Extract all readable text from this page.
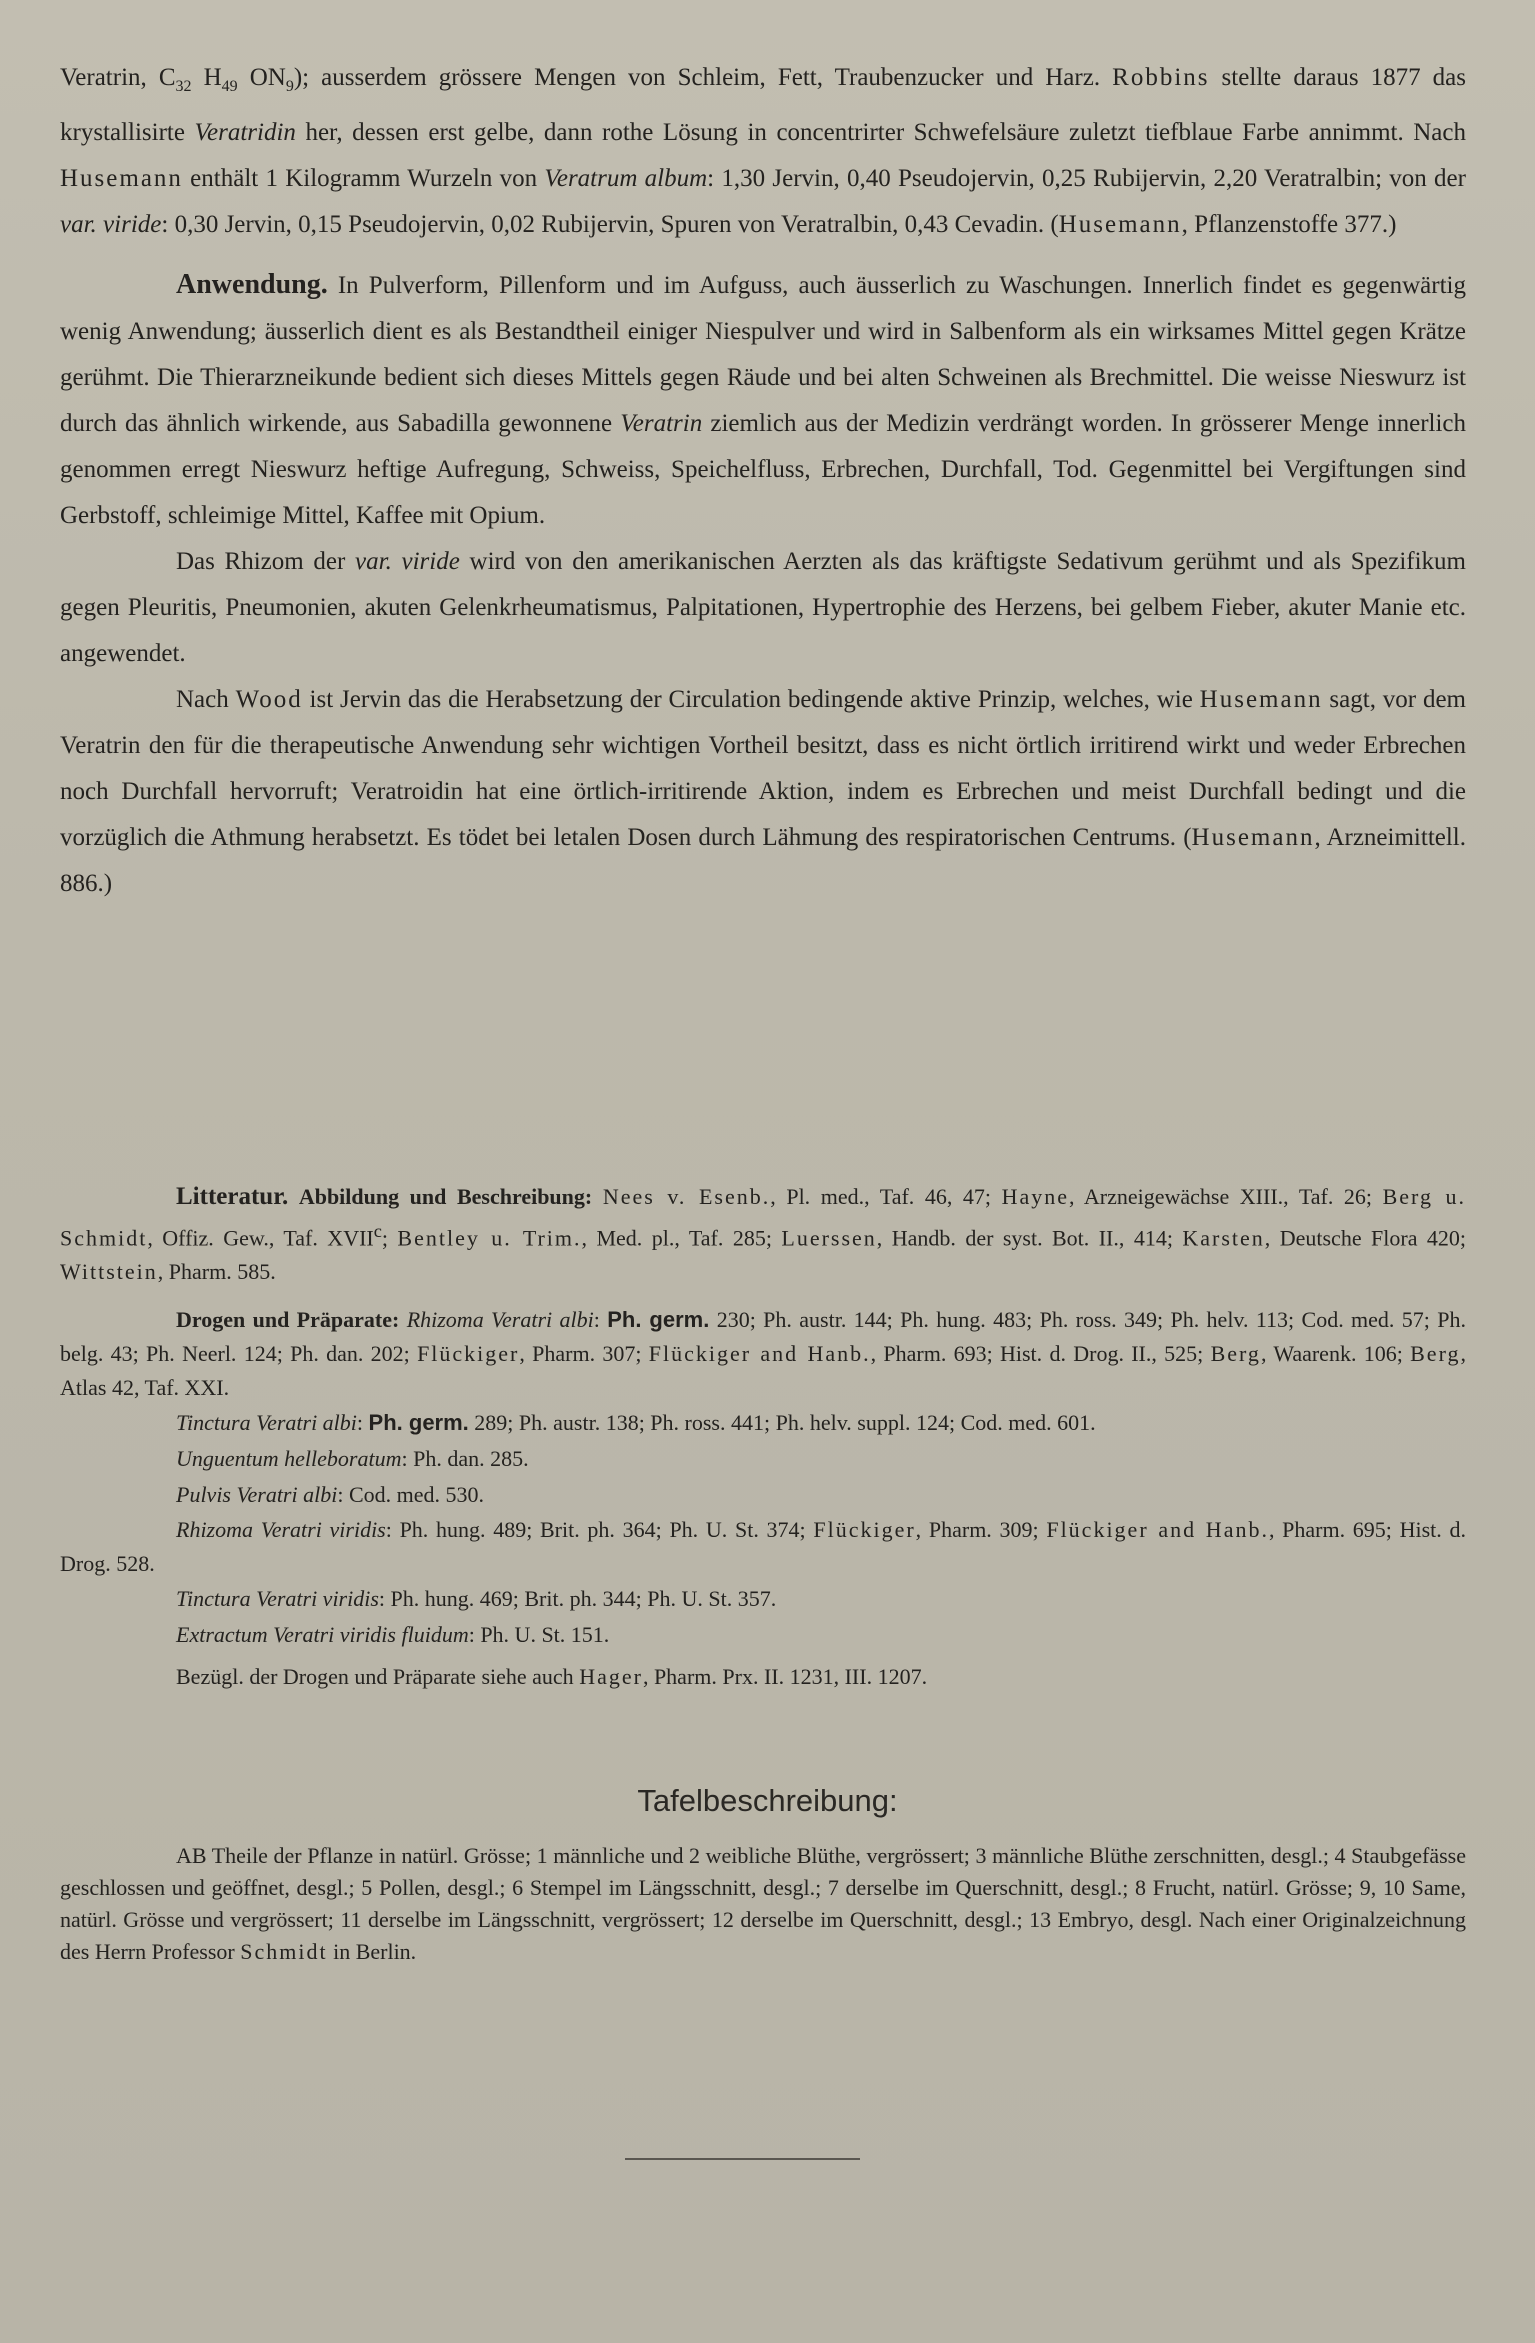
Veratrin, $C_{32}$ $H_{49}$ $ON_9$); ausserdem grössere Mengen von Schleim, Fett, Traubenzucker und Harz. Robbins stellte daraus 1877 das krystallisirte Veratridin her, dessen erst gelbe, dann rothe Lösung in concentrirter Schwefelsäure zuletzt tiefblaue Farbe annimmt. Nach Husemann enthält 1 Kilogramm Wurzeln von Veratrum album: 1,30 Jervin, 0,40 Pseudojervin, 0,25 Rubijervin, 2,20 Veratralbin; von der var. viride: 0,30 Jervin, 0,15 Pseudojervin, 0,02 Rubijervin, Spuren von Veratralbin, 0,43 Cevadin. (Husemann, Pflanzenstoffe 377.)

Anwendung. In Pulverform, Pillenform und im Aufguss, auch äusserlich zu Waschungen. Innerlich findet es gegenwärtig wenig Anwendung; äusserlich dient es als Bestandtheil einiger Niespulver und wird in Salbenform als ein wirksames Mittel gegen Krätze gerühmt. Die Thierarzneikunde bedient sich dieses Mittels gegen Räude und bei alten Schweinen als Brechmittel. Die weisse Nieswurz ist durch das ähnlich wirkende, aus Sabadilla gewonnene Veratrin ziemlich aus der Medizin verdrängt worden. In grösserer Menge innerlich genommen erregt Nieswurz heftige Aufregung, Schweiss, Speichelfluss, Erbrechen, Durchfall, Tod. Gegenmittel bei Vergiftungen sind Gerbstoff, schleimige Mittel, Kaffee mit Opium.

Das Rhizom der var. viride wird von den amerikanischen Aerzten als das kräftigste Sedativum gerühmt und als Spezifikum gegen Pleuritis, Pneumonien, akuten Gelenkrheumatismus, Palpitationen, Hypertrophie des Herzens, bei gelbem Fieber, akuter Manie etc. angewendet.

Nach Wood ist Jervin das die Herabsetzung der Circulation bedingende aktive Prinzip, welches, wie Husemann sagt, vor dem Veratrin den für die therapeutische Anwendung sehr wichtigen Vortheil besitzt, dass es nicht örtlich irritirend wirkt und weder Erbrechen noch Durchfall hervorruft; Veratroidin hat eine örtlich-irritirende Aktion, indem es Erbrechen und meist Durchfall bedingt und die vorzüglich die Athmung herabsetzt. Es tödet bei letalen Dosen durch Lähmung des respiratorischen Centrums. (Husemann, Arzneimittell. 886.)

Litteratur. Abbildung und Beschreibung: Nees v. Esenb., Pl. med., Taf. 46, 47; Hayne, Arzneigewächse XIII., Taf. 26; Berg u. Schmidt, Offiz. Gew., Taf. XVII$^c$; Bentley u. Trim., Med. pl., Taf. 285; Luerssen, Handb. der syst. Bot. II., 414; Karsten, Deutsche Flora 420; Wittstein, Pharm. 585.

Drogen und Präparate: Rhizoma Veratri albi: Ph. germ. 230; Ph. austr. 144; Ph. hung. 483; Ph. ross. 349; Ph. helv. 113; Cod. med. 57; Ph. belg. 43; Ph. Neerl. 124; Ph. dan. 202; Flückiger, Pharm. 307; Flückiger and Hanb., Pharm. 693; Hist. d. Drog. II., 525; Berg, Waarenk. 106; Berg, Atlas 42, Taf. XXI.

Tinctura Veratri albi: Ph. germ. 289; Ph. austr. 138; Ph. ross. 441; Ph. helv. suppl. 124; Cod. med. 601.

Unguentum helleboratum: Ph. dan. 285.

Pulvis Veratri albi: Cod. med. 530.

Rhizoma Veratri viridis: Ph. hung. 489; Brit. ph. 364; Ph. U. St. 374; Flückiger, Pharm. 309; Flückiger and Hanb., Pharm. 695; Hist. d. Drog. 528.

Tinctura Veratri viridis: Ph. hung. 469; Brit. ph. 344; Ph. U. St. 357.

Extractum Veratri viridis fluidum: Ph. U. St. 151.

Bezügl. der Drogen und Präparate siehe auch Hager, Pharm. Prx. II. 1231, III. 1207.

Tafelbeschreibung:

AB Theile der Pflanze in natürl. Grösse; 1 männliche und 2 weibliche Blüthe, vergrössert; 3 männliche Blüthe zerschnitten, desgl.; 4 Staubgefässe geschlossen und geöffnet, desgl.; 5 Pollen, desgl.; 6 Stempel im Längsschnitt, desgl.; 7 derselbe im Querschnitt, desgl.; 8 Frucht, natürl. Grösse; 9, 10 Same, natürl. Grösse und vergrössert; 11 derselbe im Längsschnitt, vergrössert; 12 derselbe im Querschnitt, desgl.; 13 Embryo, desgl. Nach einer Originalzeichnung des Herrn Professor Schmidt in Berlin.
